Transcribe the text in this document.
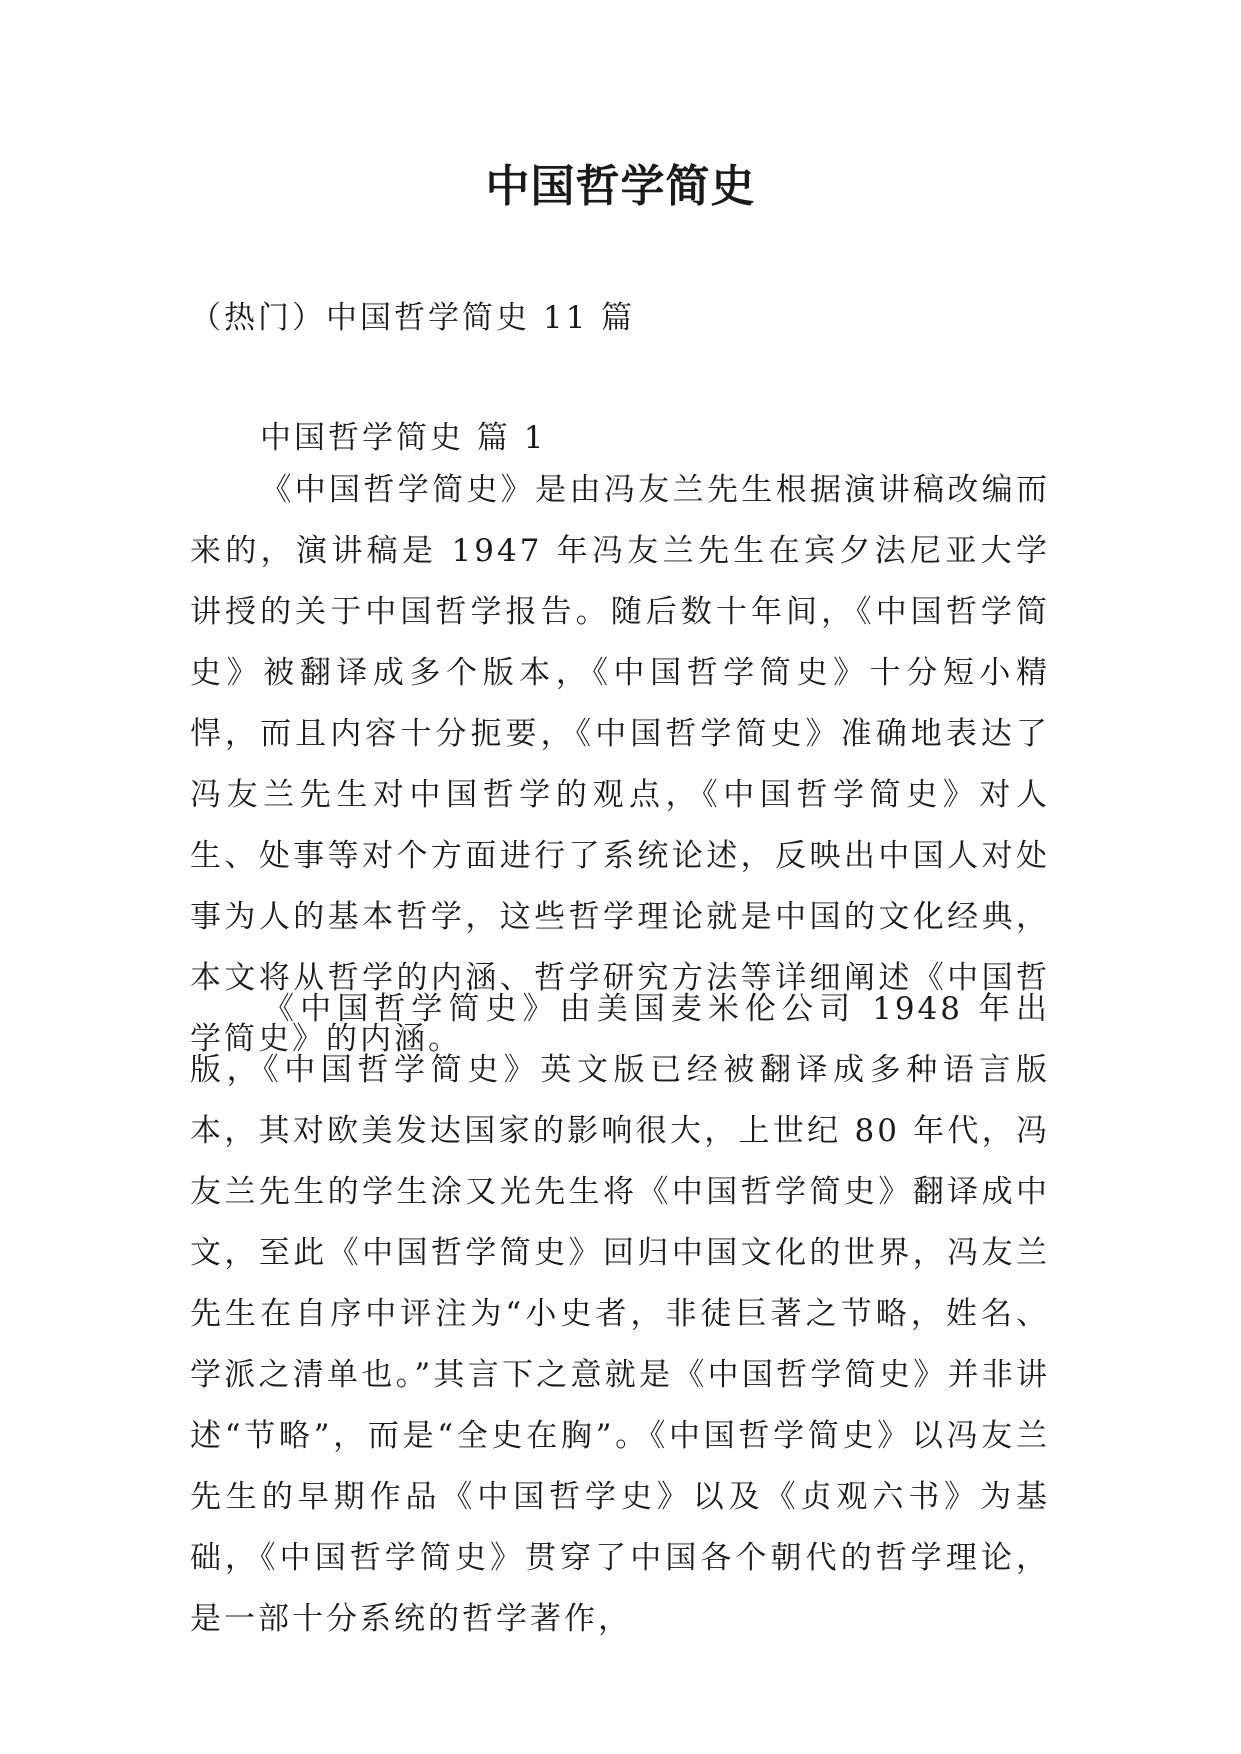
中国哲学简史

（热门）中国哲学简史 11 篇

中国哲学简史 篇 1

《中国哲学简史》是由冯友兰先生根据演讲稿改编而来的，演讲稿是 1947 年冯友兰先生在宾夕法尼亚大学讲授的关于中国哲学报告。随后数十年间，《中国哲学简史》被翻译成多个版本，《中国哲学简史》十分短小精悍，而且内容十分扼要，《中国哲学简史》准确地表达了冯友兰先生对中国哲学的观点，《中国哲学简史》对人生、处事等对个方面进行了系统论述，反映出中国人对处事为人的基本哲学，这些哲学理论就是中国的文化经典，本文将从哲学的内涵、哲学研究方法等详细阐述《中国哲学简史》的内涵。

《中国哲学简史》由美国麦米伦公司 1948 年出版，《中国哲学简史》英文版已经被翻译成多种语言版本，其对欧美发达国家的影响很大，上世纪 80 年代，冯友兰先生的学生涂又光先生将《中国哲学简史》翻译成中文，至此《中国哲学简史》回归中国文化的世界，冯友兰先生在自序中评注为“小史者，非徒巨著之节略，姓名、学派之清单也。”其言下之意就是《中国哲学简史》并非讲述“节略”，而是“全史在胸”。《中国哲学简史》以冯友兰先生的早期作品《中国哲学史》以及《贞观六书》为基础，《中国哲学简史》贯穿了中国各个朝代的哲学理论，是一部十分系统的哲学著作，
